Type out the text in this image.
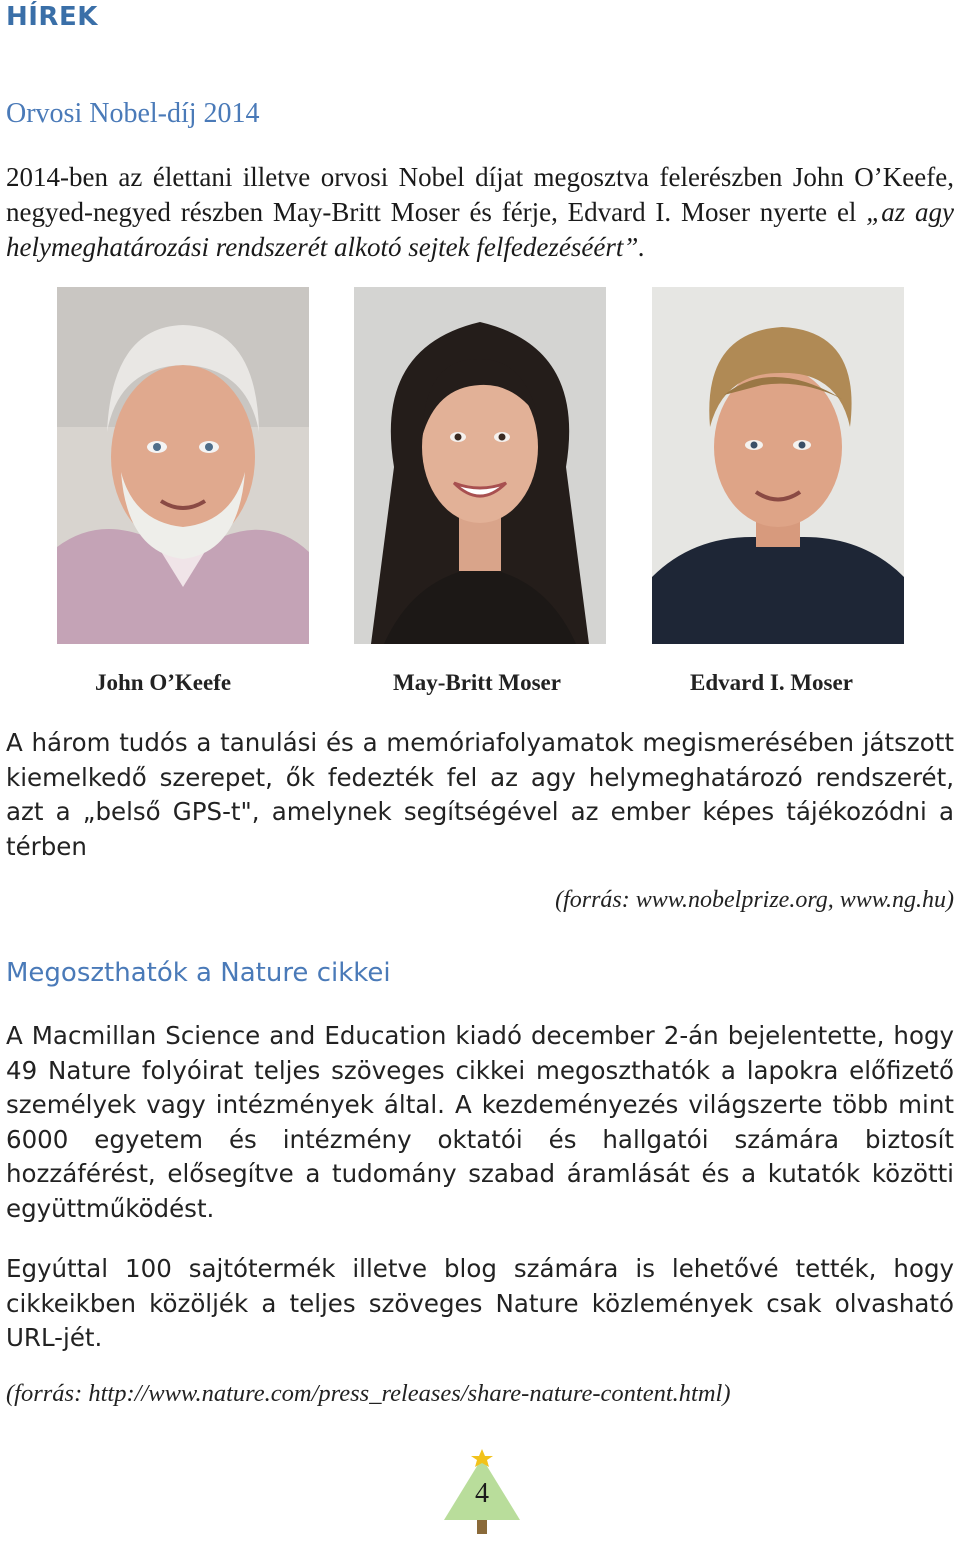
HÍREK
Orvosi Nobel-díj 2014
2014-ben az élettani illetve orvosi Nobel díjat megosztva felerészben John O’Keefe, negyed-negyed részben May-Britt Moser és férje, Edvard I. Moser nyerte el „az agy helymeghatározási rendszerét alkotó sejtek felfedezéséért”.
John O’Keefe	May-Britt Moser	Edvard I. Moser
A három tudós a tanulási és a memóriafolyamatok megismerésében játszott kiemelkedő szerepet, ők fedezték fel az agy helymeghatározó rendszerét, azt a „belső GPS-t", amelynek segítségével az ember képes tájékozódni a térben
(forrás: www.nobelprize.org, www.ng.hu)
Megoszthatók a Nature cikkei
A Macmillan Science and Education kiadó december 2-án bejelentette, hogy 49 Nature folyóirat teljes szöveges cikkei megoszthatók a lapokra előfizető személyek vagy intézmények által. A kezdeményezés világszerte több mint 6000 egyetem és intézmény oktatói és hallgatói számára biztosít hozzáférést, elősegítve a tudomány szabad áramlását és a kutatók közötti együttműködést.
Egyúttal 100 sajtótermék illetve blog számára is lehetővé tették, hogy cikkeikben közöljék a teljes szöveges Nature közlemények csak olvasható URL-jét.
(forrás: http://www.nature.com/press_releases/share-nature-content.html)
4
